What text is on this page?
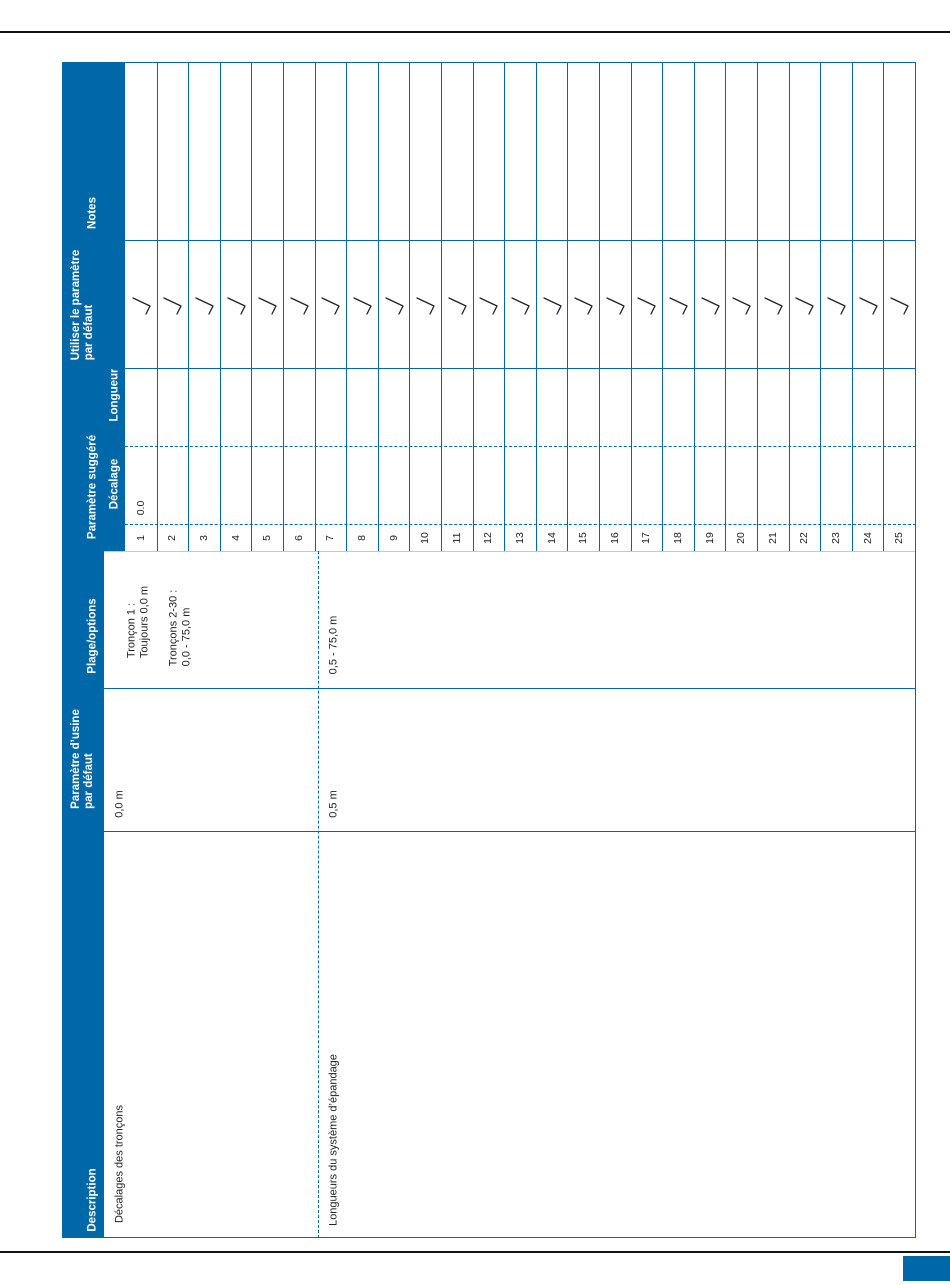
Description
Paramètre d’usine
par défaut
Plage/options
Paramètre suggéré Décalage
Longueur
Utiliser le paramètre
par défaut
Notes
Décalages des tronçons
0,0 m
Tronçon 1 :
Toujours 0,0 m Tronçons 2-30 :
0,0 - 75,0 m
Longueurs du système d’épandage
0,5 m
0,5 - 75,0 m
1
0.0
2 3 4 5 6 7 8 9 10 11 12 13 14 15 16 17 18 19 20 21 22 23 24 25
